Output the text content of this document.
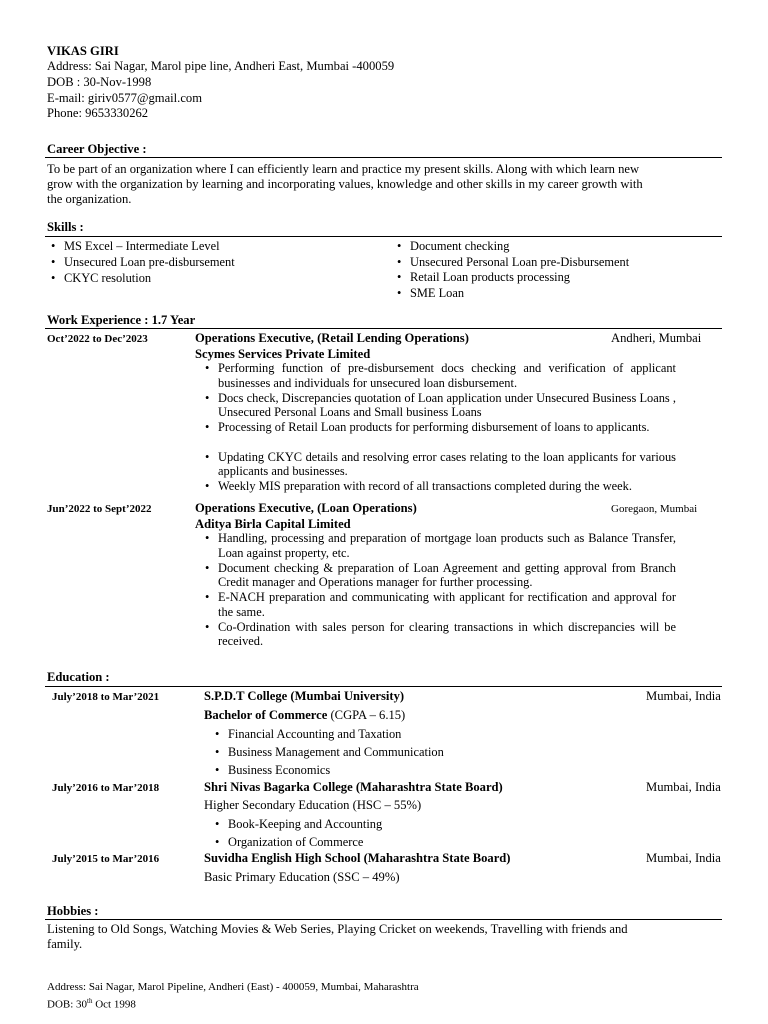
VIKAS GIRI
Address: Sai Nagar, Marol pipe line, Andheri East, Mumbai -400059
DOB : 30-Nov-1998
E-mail: giriv0577@gmail.com
Phone: 9653330262
Career Objective :
To be part of an organization where I can efficiently learn and practice my present skills. Along with which learn new
grow with the organization by learning and incorporating values, knowledge and other skills in my career growth with
the organization.
Skills :
• MS Excel – Intermediate Level
• Unsecured Loan pre-disbursement
• CKYC resolution
• Document checking
• Unsecured Personal Loan pre-Disbursement
• Retail Loan products processing
• SME Loan
Work Experience : 1.7 Year
Oct’2022 to Dec’2023	Operations Executive, (Retail Lending Operations)	Andheri, Mumbai
Scymes Services Private Limited
• Performing function of pre-disbursement docs checking and verification of applicant businesses and individuals for unsecured loan disbursement.
• Docs check, Discrepancies quotation of Loan application under Unsecured Business Loans , Unsecured Personal Loans and Small business Loans
• Processing of Retail Loan products for performing disbursement of loans to applicants.
• Updating CKYC details and resolving error cases relating to the loan applicants for various applicants and businesses.
• Weekly MIS preparation with record of all transactions completed during the week.
Jun’2022 to Sept’2022	Operations Executive, (Loan Operations)	Goregaon, Mumbai
Aditya Birla Capital Limited
• Handling, processing and preparation of mortgage loan products such as Balance Transfer, Loan against property, etc.
• Document checking & preparation of Loan Agreement and getting approval from Branch Credit manager and Operations manager for further processing.
• E-NACH preparation and communicating with applicant for rectification and approval for the same.
• Co-Ordination with sales person for clearing transactions in which discrepancies will be received.
Education :
July’2018 to Mar’2021	S.P.D.T College (Mumbai University)	Mumbai, India
Bachelor of Commerce (CGPA – 6.15)
• Financial Accounting and Taxation
• Business Management and Communication
• Business Economics
July’2016 to Mar’2018	Shri Nivas Bagarka College (Maharashtra State Board)	Mumbai, India
Higher Secondary Education (HSC – 55%)
• Book-Keeping and Accounting
• Organization of Commerce
July’2015 to Mar’2016	Suvidha English High School (Maharashtra State Board)	Mumbai, India
Basic Primary Education (SSC – 49%)
Hobbies :
Listening to Old Songs, Watching Movies & Web Series, Playing Cricket on weekends, Travelling with friends and
family.
Address: Sai Nagar, Marol Pipeline, Andheri (East) - 400059, Mumbai, Maharashtra
DOB: 30th Oct 1998
